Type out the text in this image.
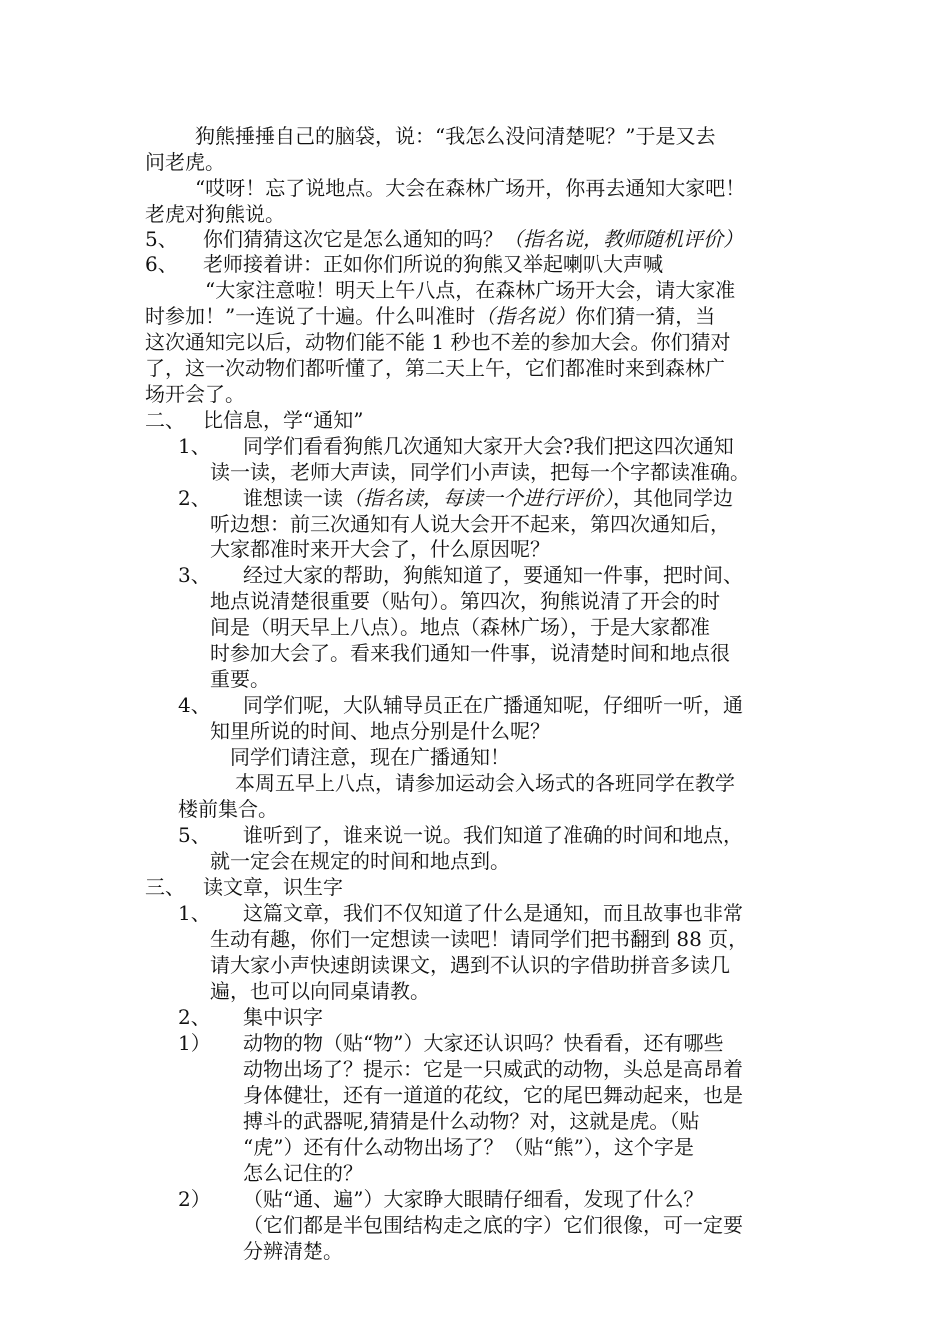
狗熊捶捶自己的脑袋，说：“我怎么没问清楚呢？”于是又去
问老虎。
“哎呀！忘了说地点。大会在森林广场开，你再去通知大家吧！
老虎对狗熊说。
5、 你们猜猜这次它是怎么通知的吗？（指名说，教师随机评价）
6、 老师接着讲：正如你们所说的狗熊又举起喇叭大声喊
“大家注意啦！明天上午八点，在森林广场开大会，请大家准
时参加！”一连说了十遍。什么叫准时（指名说）你们猜一猜，当
这次通知完以后，动物们能不能 1 秒也不差的参加大会。你们猜对
了，这一次动物们都听懂了，第二天上午，它们都准时来到森林广
场开会了。
二、 比信息，学“通知”
1、 同学们看看狗熊几次通知大家开大会?我们把这四次通知
读一读，老师大声读，同学们小声读，把每一个字都读准确。
2、 谁想读一读（指名读，每读一个进行评价），其他同学边
听边想：前三次通知有人说大会开不起来，第四次通知后，
大家都准时来开大会了，什么原因呢？
3、 经过大家的帮助，狗熊知道了，要通知一件事，把时间、
地点说清楚很重要（贴句）。第四次，狗熊说清了开会的时
间是（明天早上八点）。地点（森林广场），于是大家都准
时参加大会了。看来我们通知一件事，说清楚时间和地点很
重要。
4、 同学们呢，大队辅导员正在广播通知呢，仔细听一听，通
知里所说的时间、地点分别是什么呢？
同学们请注意，现在广播通知！
本周五早上八点，请参加运动会入场式的各班同学在教学
楼前集合。
5、 谁听到了，谁来说一说。我们知道了准确的时间和地点，
就一定会在规定的时间和地点到。
三、 读文章，识生字
1、 这篇文章，我们不仅知道了什么是通知，而且故事也非常
生动有趣，你们一定想读一读吧！请同学们把书翻到 88 页，
请大家小声快速朗读课文，遇到不认识的字借助拼音多读几
遍，也可以向同桌请教。
2、 集中识字
1） 动物的物（贴“物”）大家还认识吗？快看看，还有哪些
动物出场了？提示：它是一只威武的动物，头总是高昂着
身体健壮，还有一道道的花纹，它的尾巴舞动起来，也是
搏斗的武器呢,猜猜是什么动物？对，这就是虎。（贴
“虎”）还有什么动物出场了？（贴“熊”），这个字是
怎么记住的？
2） （贴“通、遍”）大家睁大眼睛仔细看，发现了什么？
（它们都是半包围结构走之底的字）它们很像，可一定要
分辨清楚。
